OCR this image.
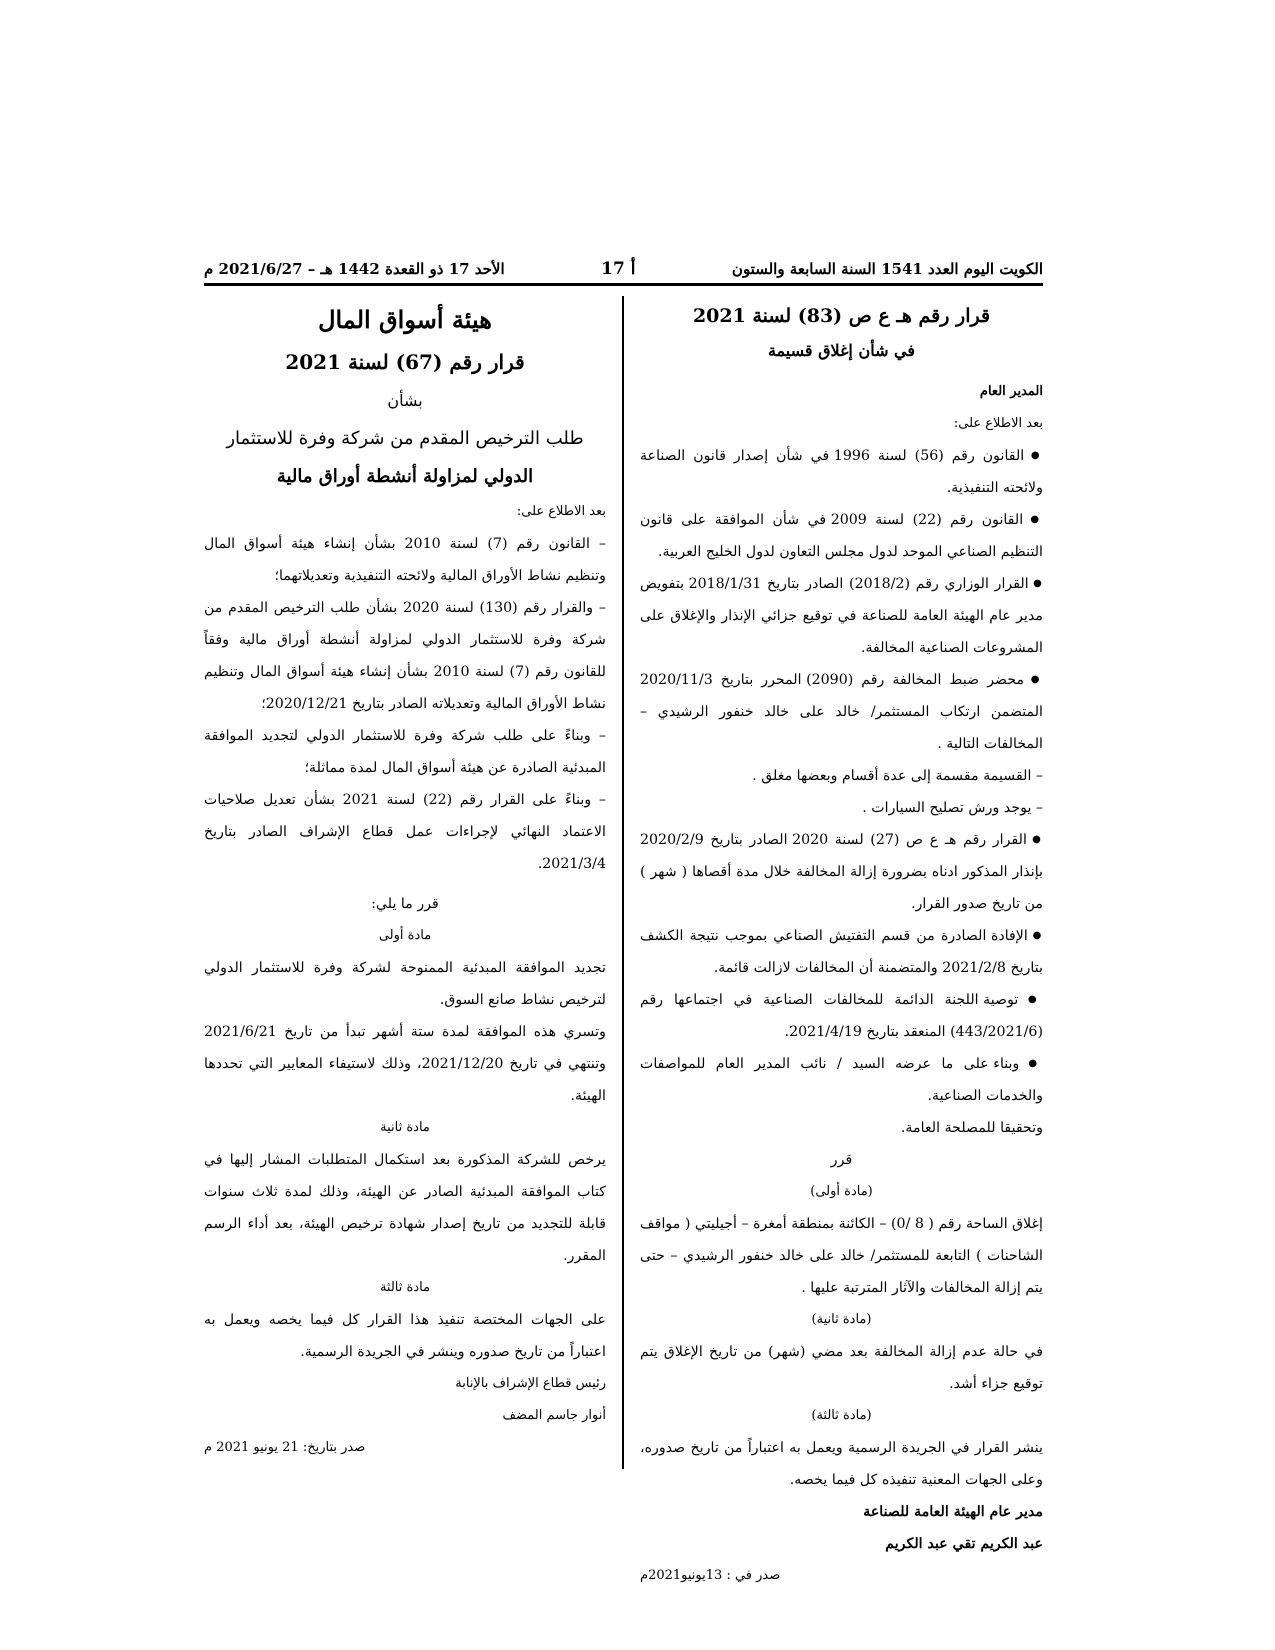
الكويت اليوم العدد 1541 السنة السابعة والستون
أ 17
الأحد 17 ذو القعدة 1442 هـ – 2021/6/27 م

قرار رقم هـ ع ص (83) لسنة 2021

في شأن إغلاق قسيمة

المدير العام

بعد الاطلاع على:

● القانون رقم (56) لسنة 1996 في شأن إصدار قانون الصناعة ولائحته التنفيذية.

● القانون رقم (22) لسنة 2009 في شأن الموافقة على قانون التنظيم الصناعي الموحد لدول مجلس التعاون لدول الخليج العربية.

● القرار الوزاري رقم (2018/2) الصادر بتاريخ 2018/1/31 بتفويض مدير عام الهيئة العامة للصناعة في توقيع جزائي الإنذار والإغلاق على المشروعات الصناعية المخالفة.

● محضر ضبط المخالفة رقم (2090) المحرر بتاريخ 2020/11/3 المتضمن ارتكاب المستثمر/ خالد على خالد خنفور الرشيدي – المخالفات التالية .

– القسيمة مقسمة إلى عدة أقسام وبعضها مغلق .

– يوجد ورش تصليح السيارات .

● القرار رقم هـ ع ص (27) لسنة 2020 الصادر بتاريخ 2020/2/9 بإنذار المذكور ادناه بضرورة إزالة المخالفة خلال مدة أقصاها ( شهر ) من تاريخ صدور القرار.

● الإفادة الصادرة من قسم التفتيش الصناعي بموجب نتيجة الكشف بتاريخ 2021/2/8 والمتضمنة أن المخالفات لازالت قائمة.

● توصية اللجنة الدائمة للمخالفات الصناعية في اجتماعها رقم (443/2021/6) المنعقد بتاريخ 2021/4/19.

● وبناء على ما عرضه السيد / نائب المدير العام للمواصفات والخدمات الصناعية.

وتحقيقا للمصلحة العامة.

قرر

(مادة أولى)

إغلاق الساحة رقم ( 8 /0) – الكائنة بمنطقة أمغرة – أجيليتي ( مواقف الشاحنات ) التابعة للمستثمر/ خالد على خالد خنفور الرشيدي – حتى يتم إزالة المخالفات والآثار المترتبة عليها .

(مادة ثانية)

في حالة عدم إزالة المخالفة بعد مضي (شهر) من تاريخ الإغلاق يتم توقيع جزاء أشد.

(مادة ثالثة)

ينشر القرار في الجريدة الرسمية ويعمل به اعتباراً من تاريخ صدوره، وعلى الجهات المعنية تنفيذه كل فيما يخصه.

مدير عام الهيئة العامة للصناعة

عبد الكريم تقي عبد الكريم

صدر في : 13يونيو2021م

هيئة أسواق المال

قرار رقم (67) لسنة 2021

بشأن

طلب الترخيص المقدم من شركة وفرة للاستثمار

الدولي لمزاولة أنشطة أوراق مالية

بعد الاطلاع على:

– القانون رقم (7) لسنة 2010 بشأن إنشاء هيئة أسواق المال وتنظيم نشاط الأوراق المالية ولائحته التنفيذية وتعديلاتهما؛

– والقرار رقم (130) لسنة 2020 بشأن طلب الترخيص المقدم من شركة وفرة للاستثمار الدولي لمزاولة أنشطة أوراق مالية وفقاً للقانون رقم (7) لسنة 2010 بشأن إنشاء هيئة أسواق المال وتنظيم نشاط الأوراق المالية وتعديلاته الصادر بتاريخ 2020/12/21؛

– وبناءً على طلب شركة وفرة للاستثمار الدولي لتجديد الموافقة المبدئية الصادرة عن هيئة أسواق المال لمدة مماثلة؛

– وبناءً على القرار رقم (22) لسنة 2021 بشأن تعديل صلاحيات الاعتماد النهائي لإجراءات عمل قطاع الإشراف الصادر بتاريخ 2021/3/4.

قرر ما يلي:

مادة أولى

تجديد الموافقة المبدئية الممنوحة لشركة وفرة للاستثمار الدولي لترخيص نشاط صانع السوق.

وتسري هذه الموافقة لمدة ستة أشهر تبدأ من تاريخ 2021/6/21 وتنتهي في تاريخ 2021/12/20، وذلك لاستيفاء المعايير التي تحددها الهيئة.

مادة ثانية

يرخص للشركة المذكورة بعد استكمال المتطلبات المشار إليها في كتاب الموافقة المبدئية الصادر عن الهيئة، وذلك لمدة ثلاث سنوات قابلة للتجديد من تاريخ إصدار شهادة ترخيص الهيئة، بعد أداء الرسم المقرر.

مادة ثالثة

على الجهات المختصة تنفيذ هذا القرار كل فيما يخصه ويعمل به اعتباراً من تاريخ صدوره وينشر في الجريدة الرسمية.

رئيس قطاع الإشراف بالإنابة

أنوار جاسم المضف

صدر بتاريخ: 21 يونيو 2021 م
